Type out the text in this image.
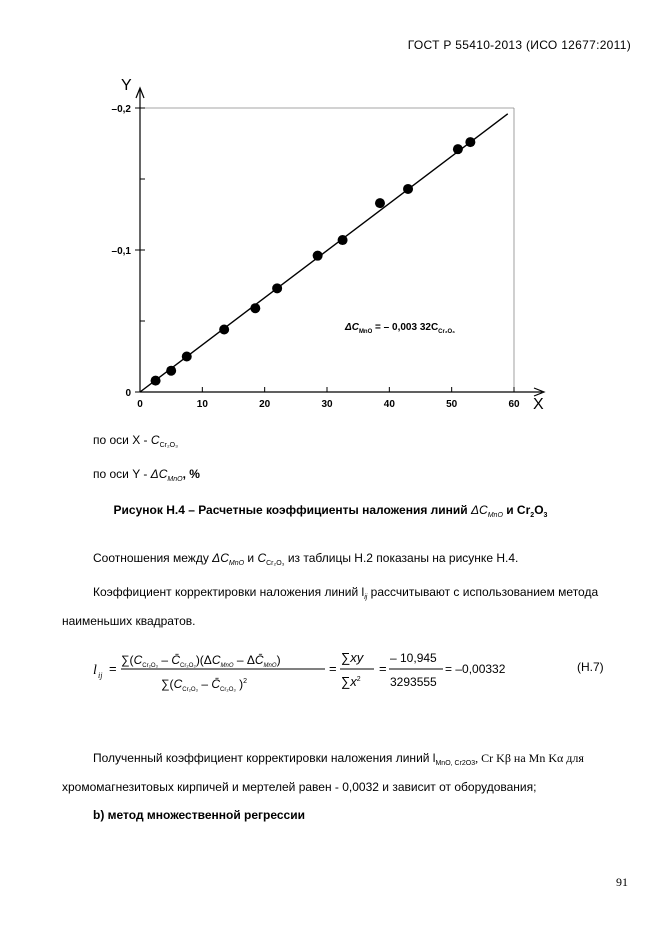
ГОСТ Р 55410-2013 (ИСО 12677:2011)
0	10	20	30	40	50	60
0
–0,1
–0,2
X
Y
$\Delta C_{MnO}$ = – 0,003 $32C_{Cr_2O_3}$
по оси X - $C_{Cr_2O_3}$
по оси Y - $\Delta C_{MnO}$, %
Рисунок Н.4 – Расчетные коэффициенты наложения линий $\Delta C_{MnO}$ и $Cr_2O_3$
Соотношения между $\Delta C_{MnO}$ и $C_{Cr_2O_3}$ из таблицы Н.2 показаны на рисунке Н.4.
Коэффициент корректировки наложения линий $l_{ij}$ рассчитывают с использованием метода
наименьших квадратов.
l ij =
$\sum(C_{Cr_2O_3}$ – $C̄_{Cr_2O_3})(\Delta C_{MnO}$ – $\Delta C̄_{MnO}$)
$\sum(C_{Cr_2O_3}$ – $C̄_{Cr_2O_3}$ )$^2$
=
∑xy
$\sum x^2$
=
– 10,945
3293555
= –0,00332	(Н.7)
Полученный коэффициент корректировки наложения линий $l_{MnO, Cr2O3}$, Cr Kβ на Mn Kα для
хромомагнезитовых кирпичей и мертелей равен - 0,0032 и зависит от оборудования;
b) метод множественной регрессии
91
